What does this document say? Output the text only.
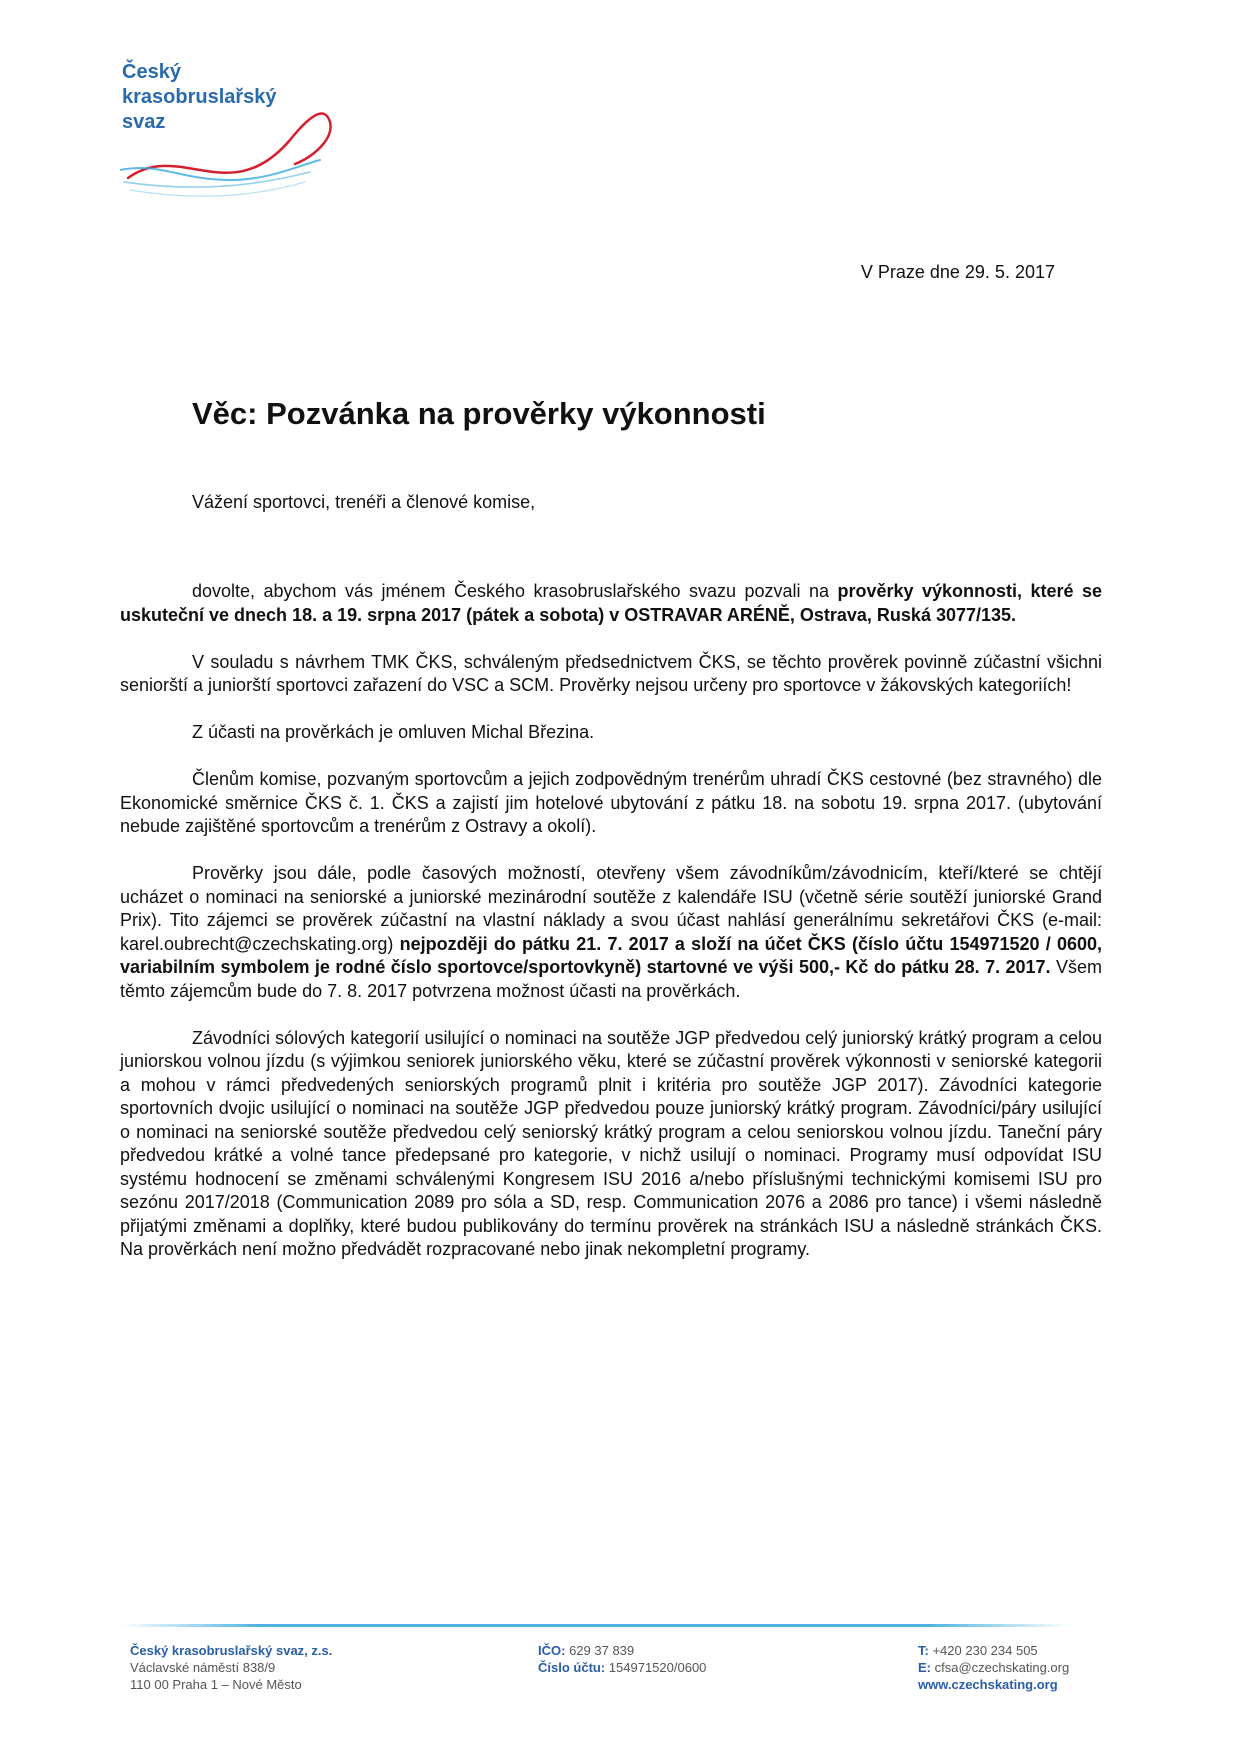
Český
krasobruslařský
svaz
V Praze dne 29. 5. 2017
Věc: Pozvánka na prověrky výkonnosti
Vážení sportovci, trenéři a členové komise,

dovolte, abychom vás jménem Českého krasobruslařského svazu pozvali na prověrky výkonnosti, které se uskuteční ve dnech 18. a 19. srpna 2017 (pátek a sobota) v OSTRAVAR ARÉNĚ, Ostrava, Ruská 3077/135.

V souladu s návrhem TMK ČKS, schváleným předsednictvem ČKS, se těchto prověrek povinně zúčastní všichni seniorští a juniorští sportovci zařazení do VSC a SCM. Prověrky nejsou určeny pro sportovce v žákovských kategoriích!

Z účasti na prověrkách je omluven Michal Březina.

Členům komise, pozvaným sportovcům a jejich zodpovědným trenérům uhradí ČKS cestovné (bez stravného) dle Ekonomické směrnice ČKS č. 1. ČKS a zajistí jim hotelové ubytování z pátku 18. na sobotu 19. srpna 2017. (ubytování nebude zajištěné sportovcům a trenérům z Ostravy a okolí).

Prověrky jsou dále, podle časových možností, otevřeny všem závodníkům/závodnicím, kteří/které se chtějí ucházet o nominaci na seniorské a juniorské mezinárodní soutěže z kalendáře ISU (včetně série soutěží juniorské Grand Prix). Tito zájemci se prověrek zúčastní na vlastní náklady a svou účast nahlásí generálnímu sekretářovi ČKS (e-mail: karel.oubrecht@czechskating.org) nejpozději do pátku 21. 7. 2017 a složí na účet ČKS (číslo účtu 154971520 / 0600, variabilním symbolem je rodné číslo sportovce/sportovkyně) startovné ve výši 500,- Kč do pátku 28. 7. 2017. Všem těmto zájemcům bude do 7. 8. 2017 potvrzena možnost účasti na prověrkách.

Závodníci sólových kategorií usilující o nominaci na soutěže JGP předvedou celý juniorský krátký program a celou juniorskou volnou jízdu (s výjimkou seniorek juniorského věku, které se zúčastní prověrek výkonnosti v seniorské kategorii a mohou v rámci předvedených seniorských programů plnit i kritéria pro soutěže JGP 2017). Závodníci kategorie sportovních dvojic usilující o nominaci na soutěže JGP předvedou pouze juniorský krátký program. Závodníci/páry usilující o nominaci na seniorské soutěže předvedou celý seniorský krátký program a celou seniorskou volnou jízdu. Taneční páry předvedou krátké a volné tance předepsané pro kategorie, v nichž usilují o nominaci. Programy musí odpovídat ISU systému hodnocení se změnami schválenými Kongresem ISU 2016 a/nebo příslušnými technickými komisemi ISU pro sezónu 2017/2018 (Communication 2089 pro sóla a SD, resp. Communication 2076 a 2086 pro tance) i všemi následně přijatými změnami a doplňky, které budou publikovány do termínu prověrek na stránkách ISU a následně stránkách ČKS. Na prověrkách není možno předvádět rozpracované nebo jinak nekompletní programy.

Český krasobruslařský svaz, z.s.
Václavské náměstí 838/9
110 00 Praha 1 – Nové Město
IČO: 629 37 839
Číslo účtu: 154971520/0600
T: +420 230 234 505
E: cfsa@czechskating.org
www.czechskating.org
